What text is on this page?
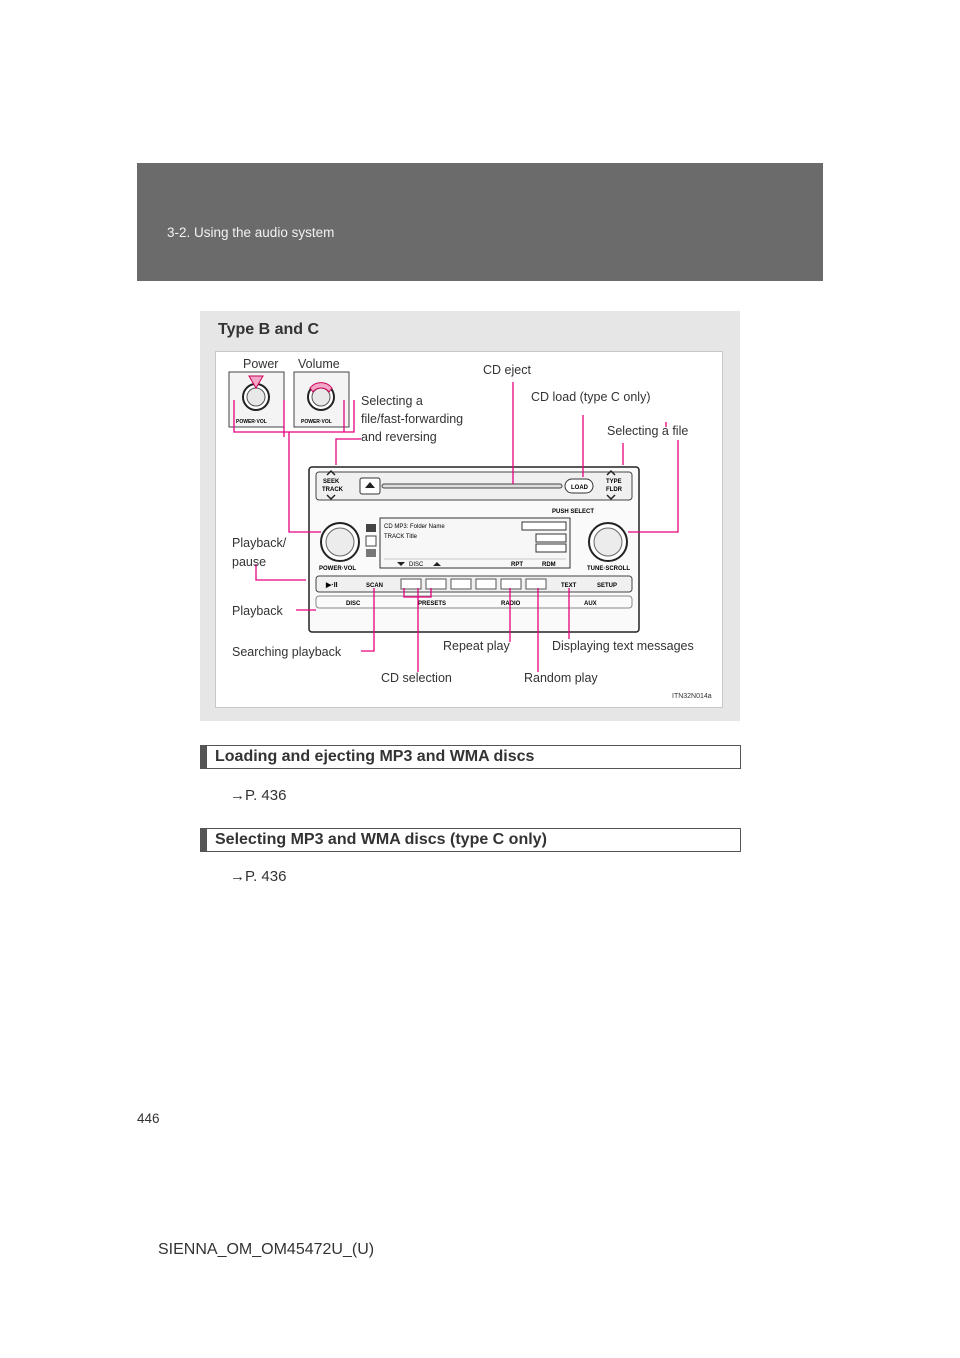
3-2. Using the audio system
Type B and C
POWER·VOL	POWER·VOL
SEEK
TRACK	LOAD
TYPE
FLDR
PUSH SELECT
POWER·VOL	TUNE·SCROLL
CD MP3: Folder Name
TRACK Title
DISC	RPT	RDM
▶·II	SCAN	TEXT	SETUP
DISC	PRESETS	RADIO	AUX
Power Volume
Selecting a file/fast-forwarding and reversing
CD eject
CD load (type C only)
Selecting a file
Playback/ pause
Playback
Searching playback	Repeat play	Displaying text messages
CD selection	Random play
ITN32N014a
Loading and ejecting MP3 and WMA discs
→P. 436
Selecting MP3 and WMA discs (type C only)
→P. 436
446
SIENNA_OM_OM45472U_(U)
